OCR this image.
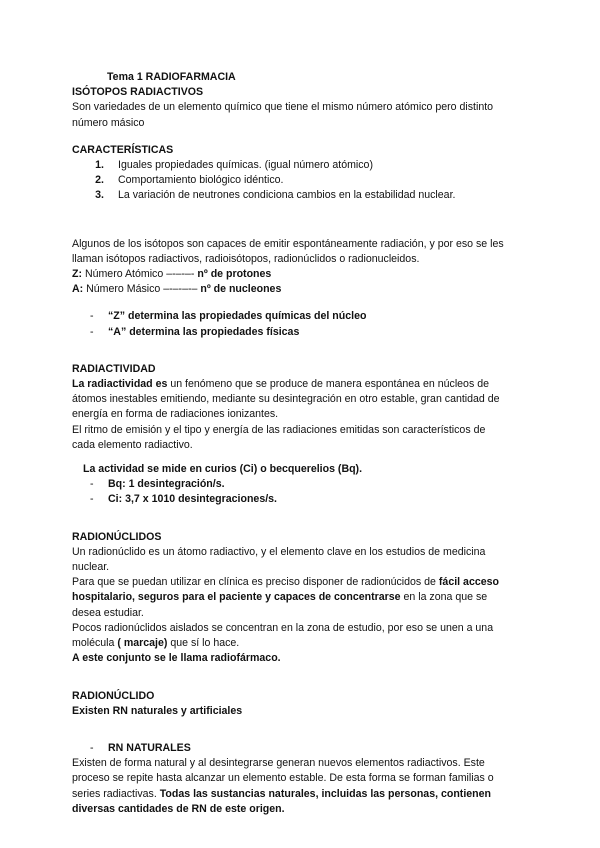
Tema 1 RADIOFARMACIA
ISÓTOPOS RADIACTIVOS
Son variedades de un elemento químico que tiene el mismo número atómico pero distinto
número másico
CARACTERÍSTICAS
1. Iguales propiedades químicas. (igual número atómico)
2. Comportamiento biológico idéntico.
3. La variación de neutrones condiciona cambios en la estabilidad nuclear.
Algunos de los isótopos son capaces de emitir espontáneamente radiación, y por eso se les
llaman isótopos radiactivos, radioisótopos, radionúclidos o radionucleidos.
Z: Número Atómico –-–-–- nº de protones
A: Número Másico –-–-–-– nº de nucleones
- “Z” determina las propiedades químicas del núcleo
- “A” determina las propiedades físicas
RADIACTIVIDAD
La radiactividad es un fenómeno que se produce de manera espontánea en núcleos de
átomos inestables emitiendo, mediante su desintegración en otro estable, gran cantidad de
energía en forma de radiaciones ionizantes.
El ritmo de emisión y el tipo y energía de las radiaciones emitidas son característicos de
cada elemento radiactivo.
La actividad se mide en curios (Ci) o becquerelios (Bq).
- Bq: 1 desintegración/s.
- Ci: 3,7 x 1010 desintegraciones/s.
RADIONÚCLIDOS
Un radionúclido es un átomo radiactivo, y el elemento clave en los estudios de medicina
nuclear.
Para que se puedan utilizar en clínica es preciso disponer de radionúcidos de fácil acceso
hospitalario, seguros para el paciente y capaces de concentrarse en la zona que se
desea estudiar.
Pocos radionúclidos aislados se concentran en la zona de estudio, por eso se unen a una
molécula ( marcaje) que sí lo hace.
A este conjunto se le llama radiofármaco.
RADIONÚCLIDO
Existen RN naturales y artificiales
- RN NATURALES
Existen de forma natural y al desintegrarse generan nuevos elementos radiactivos. Este
proceso se repite hasta alcanzar un elemento estable. De esta forma se forman familias o
series radiactivas. Todas las sustancias naturales, incluidas las personas, contienen
diversas cantidades de RN de este origen.
